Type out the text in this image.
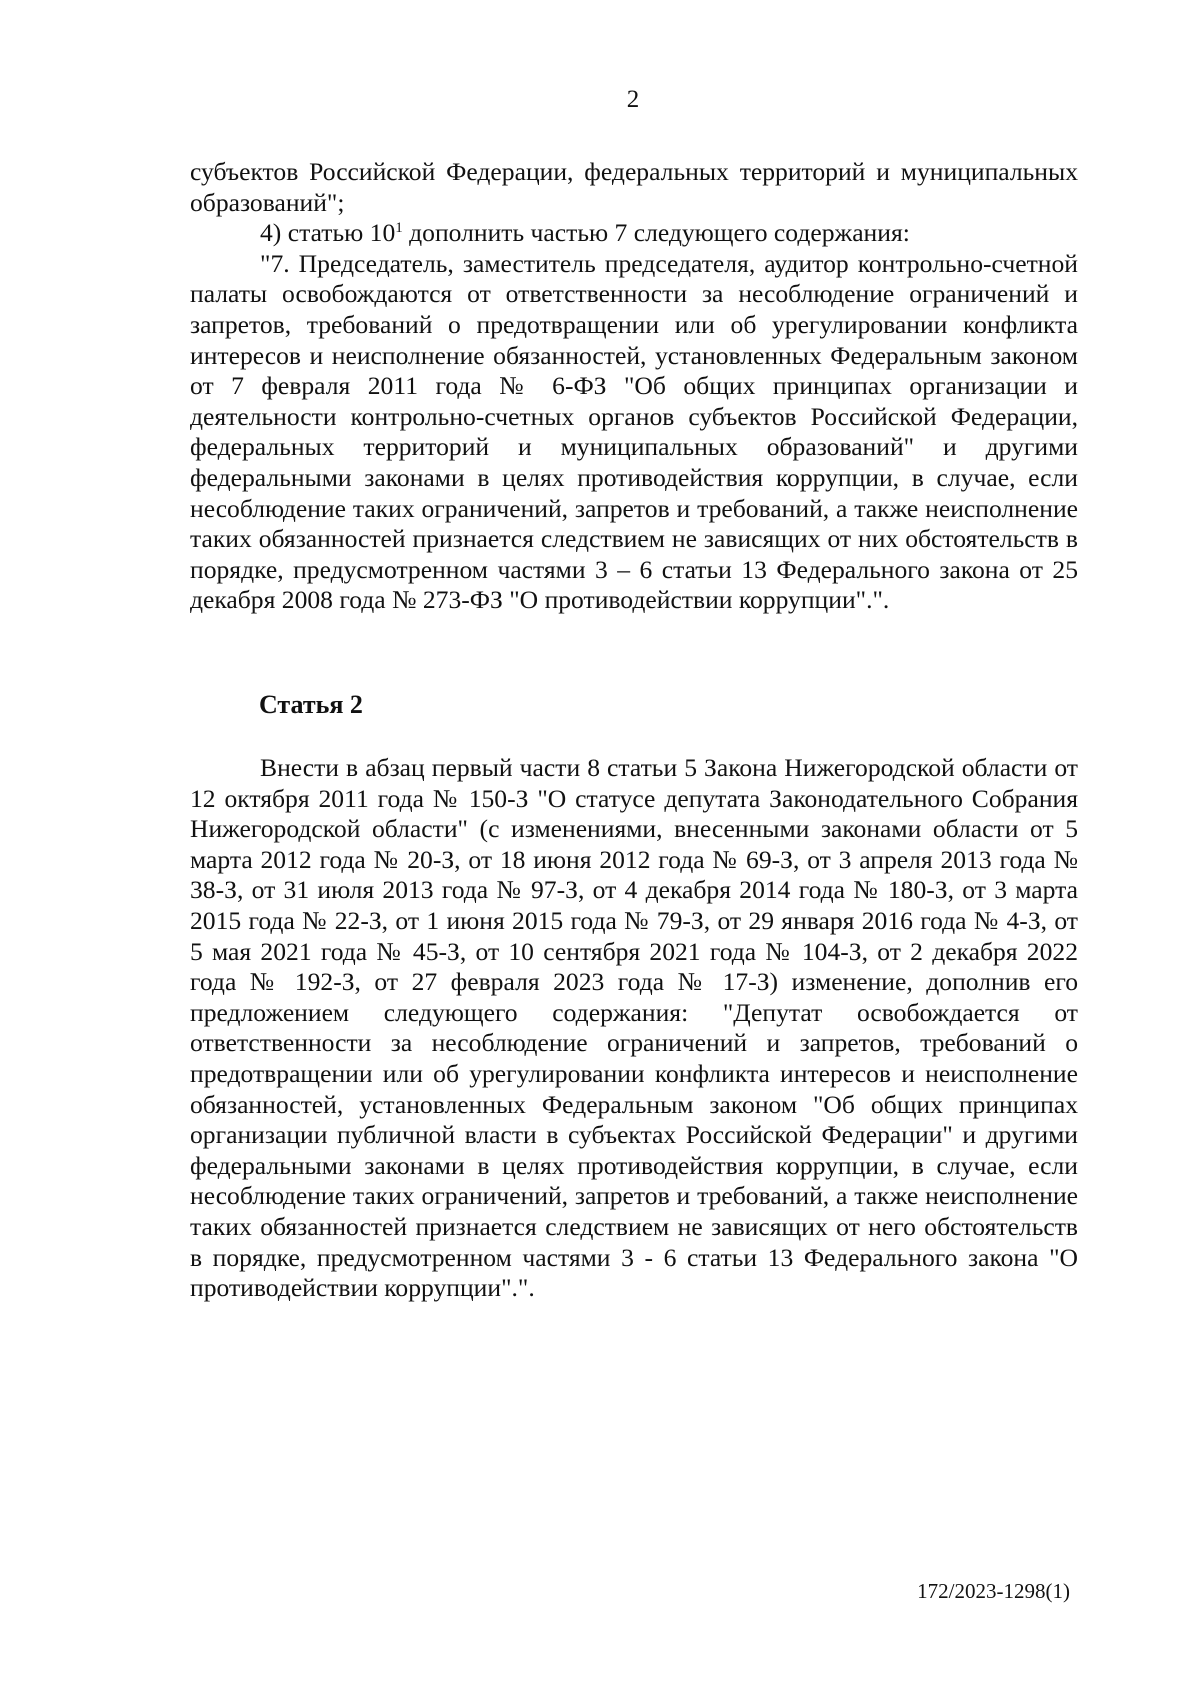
2

субъектов Российской Федерации, федеральных территорий и муниципальных образований";

4) статью $10^1$ дополнить частью 7 следующего содержания:

"7. Председатель, заместитель председателя, аудитор контрольно-счетной палаты освобождаются от ответственности за несоблюдение ограничений и запретов, требований о предотвращении или об урегулировании конфликта интересов и неисполнение обязанностей, установленных Федеральным законом от 7 февраля 2011 года № 6-ФЗ "Об общих принципах организации и деятельности контрольно-счетных органов субъектов Российской Федерации, федеральных территорий и муниципальных образований" и другими федеральными законами в целях противодействия коррупции, в случае, если несоблюдение таких ограничений, запретов и требований, а также неисполнение таких обязанностей признается следствием не зависящих от них обстоятельств в порядке, предусмотренном частями 3 – 6 статьи 13 Федерального закона от 25 декабря 2008 года № 273-ФЗ "О противодействии коррупции".".

Статья 2

Внести в абзац первый части 8 статьи 5 Закона Нижегородской области от 12 октября 2011 года № 150-З "О статусе депутата Законодательного Собрания Нижегородской области" (с изменениями, внесенными законами области от 5 марта 2012 года № 20-З, от 18 июня 2012 года № 69-З, от 3 апреля 2013 года № 38-З, от 31 июля 2013 года № 97-З, от 4 декабря 2014 года № 180-З, от 3 марта 2015 года № 22-З, от 1 июня 2015 года № 79-З, от 29 января 2016 года № 4-З, от 5 мая 2021 года № 45-З, от 10 сентября 2021 года № 104-З, от 2 декабря 2022 года № 192-З, от 27 февраля 2023 года № 17-З) изменение, дополнив его предложением следующего содержания: "Депутат освобождается от ответственности за несоблюдение ограничений и запретов, требований о предотвращении или об урегулировании конфликта интересов и неисполнение обязанностей, установленных Федеральным законом "Об общих принципах организации публичной власти в субъектах Российской Федерации" и другими федеральными законами в целях противодействия коррупции, в случае, если несоблюдение таких ограничений, запретов и требований, а также неисполнение таких обязанностей признается следствием не зависящих от него обстоятельств в порядке, предусмотренном частями 3 - 6 статьи 13 Федерального закона "О противодействии коррупции".".

172/2023-1298(1)
